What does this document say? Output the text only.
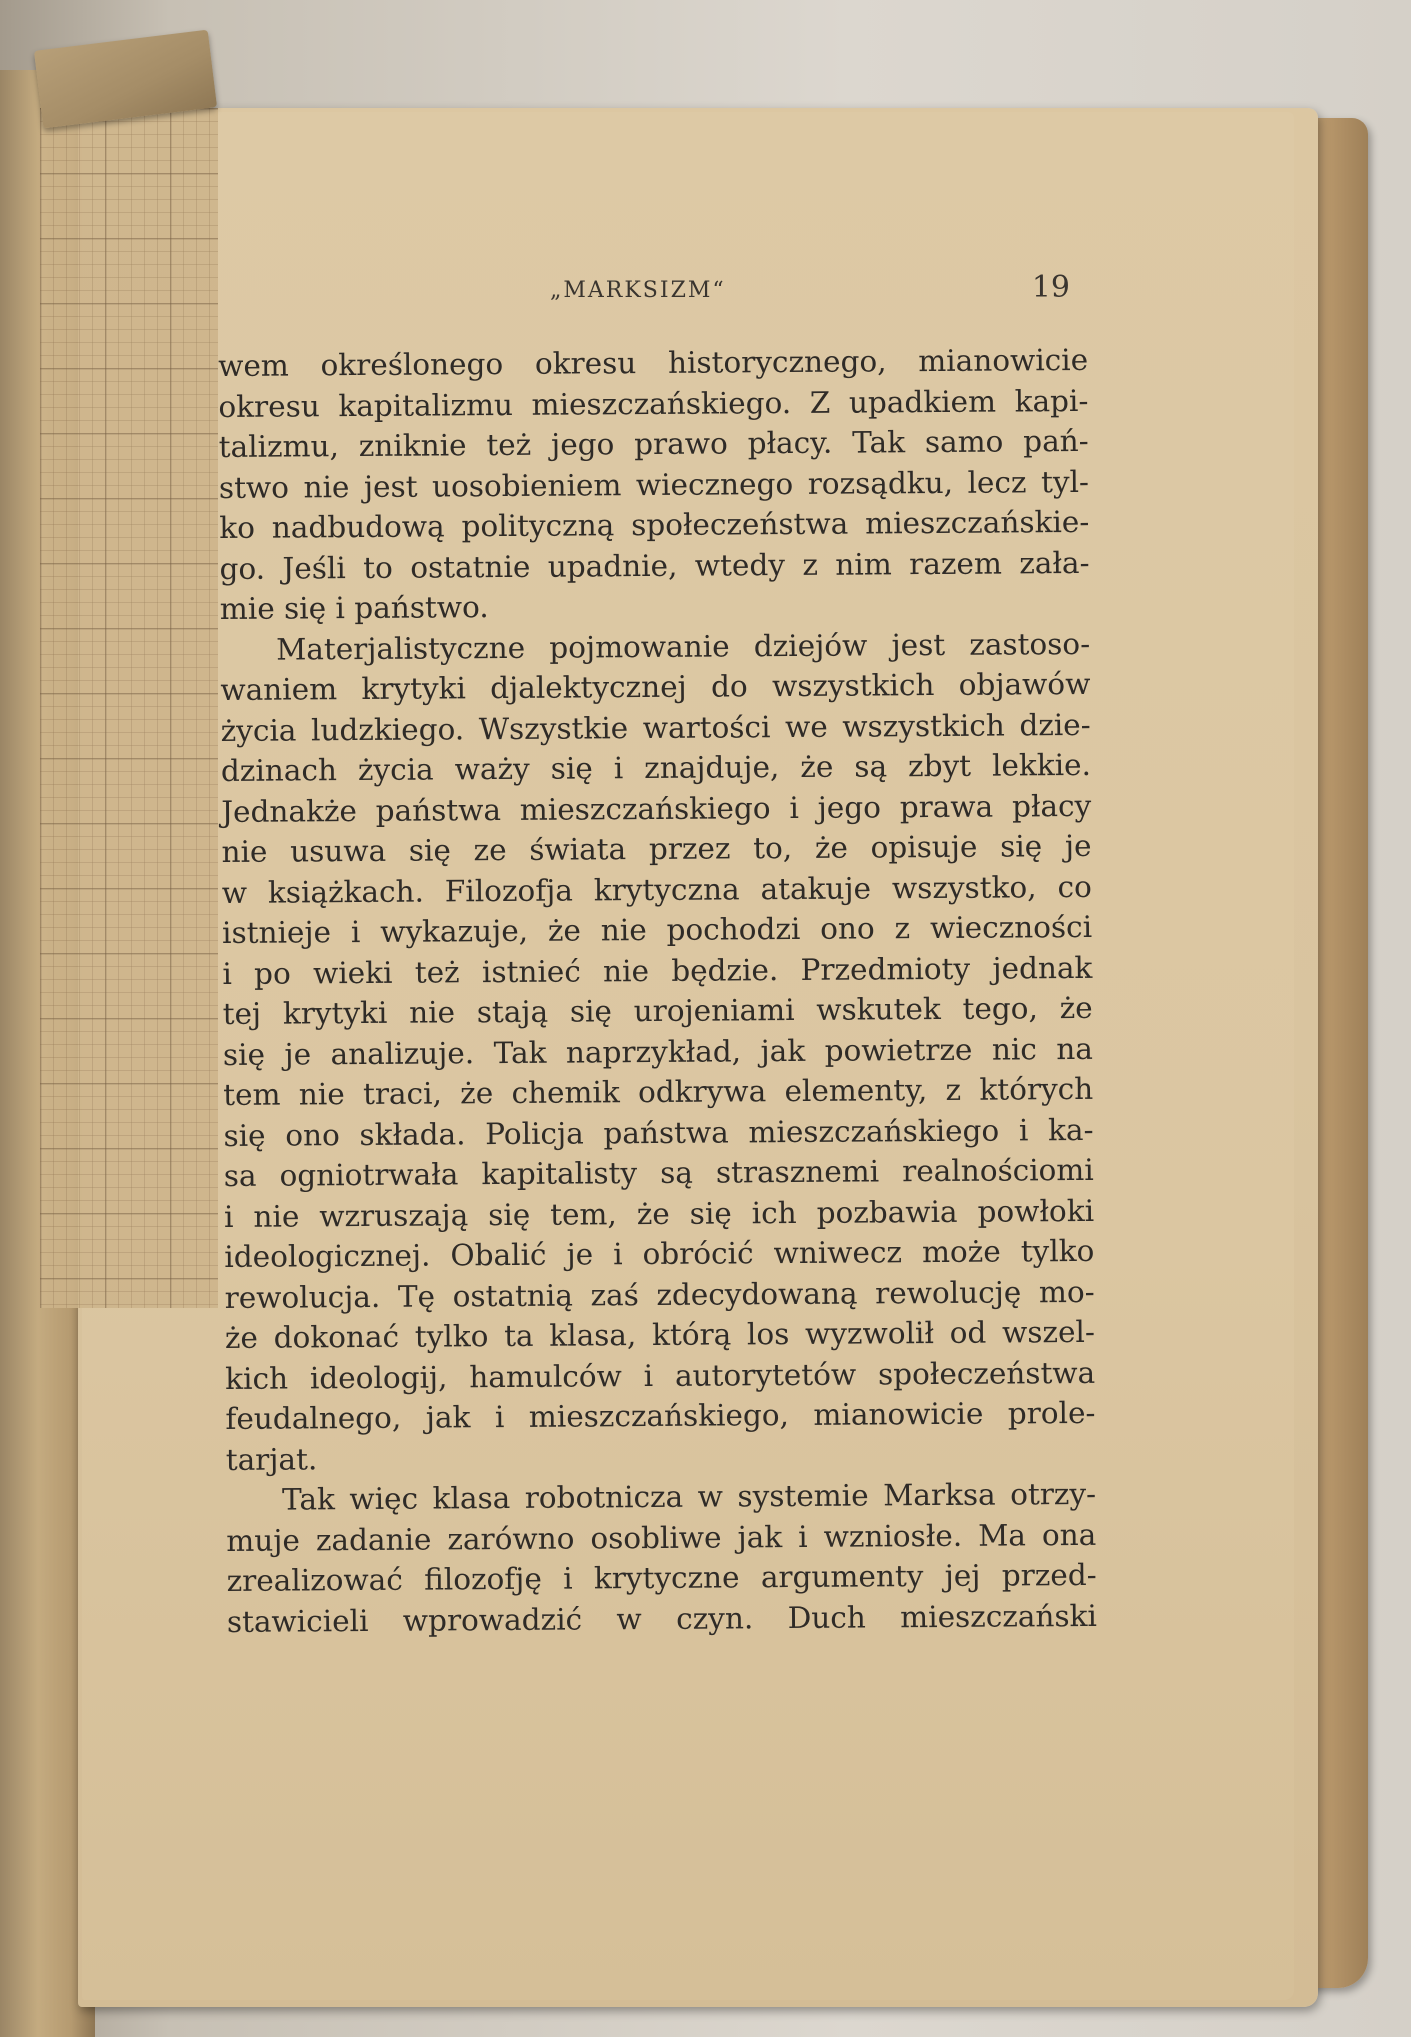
„MARKSIZM“	19
wem określonego okresu historycznego, mianowicie
okresu kapitalizmu mieszczańskiego. Z upadkiem kapi-
talizmu, zniknie też jego prawo płacy. Tak samo pań-
stwo nie jest uosobieniem wiecznego rozsądku, lecz tyl-
ko nadbudową polityczną społeczeństwa mieszczańskie-
go. Jeśli to ostatnie upadnie, wtedy z nim razem zała-
mie się i państwo.
Materjalistyczne pojmowanie dziejów jest zastoso-
waniem krytyki djalektycznej do wszystkich objawów
życia ludzkiego. Wszystkie wartości we wszystkich dzie-
dzinach życia waży się i znajduje, że są zbyt lekkie.
Jednakże państwa mieszczańskiego i jego prawa płacy
nie usuwa się ze świata przez to, że opisuje się je
w książkach. Filozofja krytyczna atakuje wszystko, co
istnieje i wykazuje, że nie pochodzi ono z wieczności
i po wieki też istnieć nie będzie. Przedmioty jednak
tej krytyki nie stają się urojeniami wskutek tego, że
się je analizuje. Tak naprzykład, jak powietrze nic na
tem nie traci, że chemik odkrywa elementy, z których
się ono składa. Policja państwa mieszczańskiego i ka-
sa ogniotrwała kapitalisty są strasznemi realnościomi
i nie wzruszają się tem, że się ich pozbawia powłoki
ideologicznej. Obalić je i obrócić wniwecz może tylko
rewolucja. Tę ostatnią zaś zdecydowaną rewolucję mo-
że dokonać tylko ta klasa, którą los wyzwolił od wszel-
kich ideologij, hamulców i autorytetów społeczeństwa
feudalnego, jak i mieszczańskiego, mianowicie prole-
tarjat.
Tak więc klasa robotnicza w systemie Marksa otrzy-
muje zadanie zarówno osobliwe jak i wzniosłe. Ma ona
zrealizować filozofję i krytyczne argumenty jej przed-
stawicieli wprowadzić w czyn. Duch mieszczański
